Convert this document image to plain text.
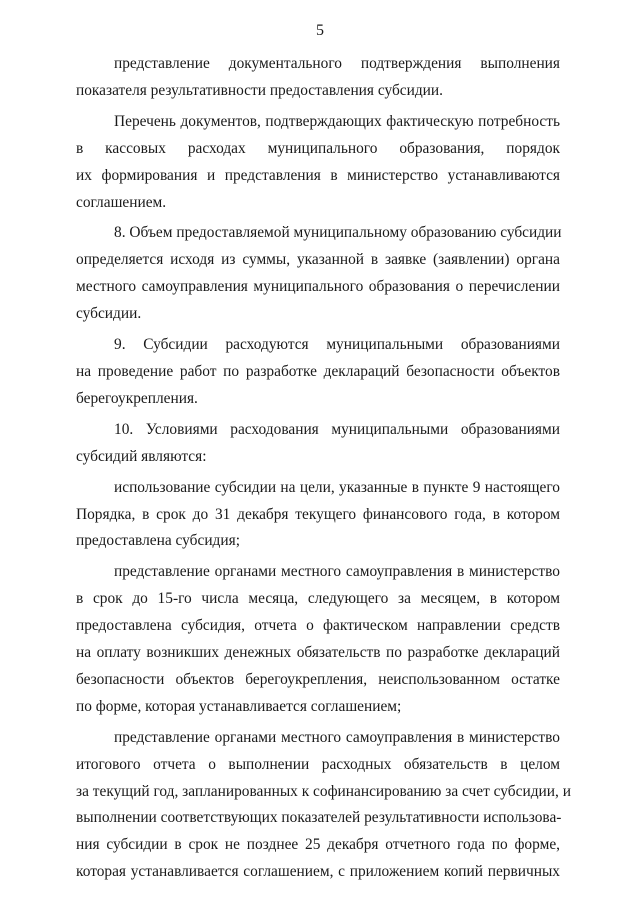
5

представление документального подтверждения выполнения
показателя результативности предоставления субсидии.

Перечень документов, подтверждающих фактическую потребность
в кассовых расходах муниципального образования, порядок
их формирования и представления в министерство устанавливаются
соглашением.

8. Объем предоставляемой муниципальному образованию субсидии
определяется исходя из суммы, указанной в заявке (заявлении) органа
местного самоуправления муниципального образования о перечислении
субсидии.

9. Субсидии расходуются муниципальными образованиями
на проведение работ по разработке деклараций безопасности объектов
берегоукрепления.

10. Условиями расходования муниципальными образованиями
субсидий являются:

использование субсидии на цели, указанные в пункте 9 настоящего
Порядка, в срок до 31 декабря текущего финансового года, в котором
предоставлена субсидия;

представление органами местного самоуправления в министерство
в срок до 15-го числа месяца, следующего за месяцем, в котором
предоставлена субсидия, отчета о фактическом направлении средств
на оплату возникших денежных обязательств по разработке деклараций
безопасности объектов берегоукрепления, неиспользованном остатке
по форме, которая устанавливается соглашением;

представление органами местного самоуправления в министерство
итогового отчета о выполнении расходных обязательств в целом
за текущий год, запланированных к софинансированию за счет субсидии, и
выполнении соответствующих показателей результативности использова-
ния субсидии в срок не позднее 25 декабря отчетного года по форме,
которая устанавливается соглашением, с приложением копий первичных
